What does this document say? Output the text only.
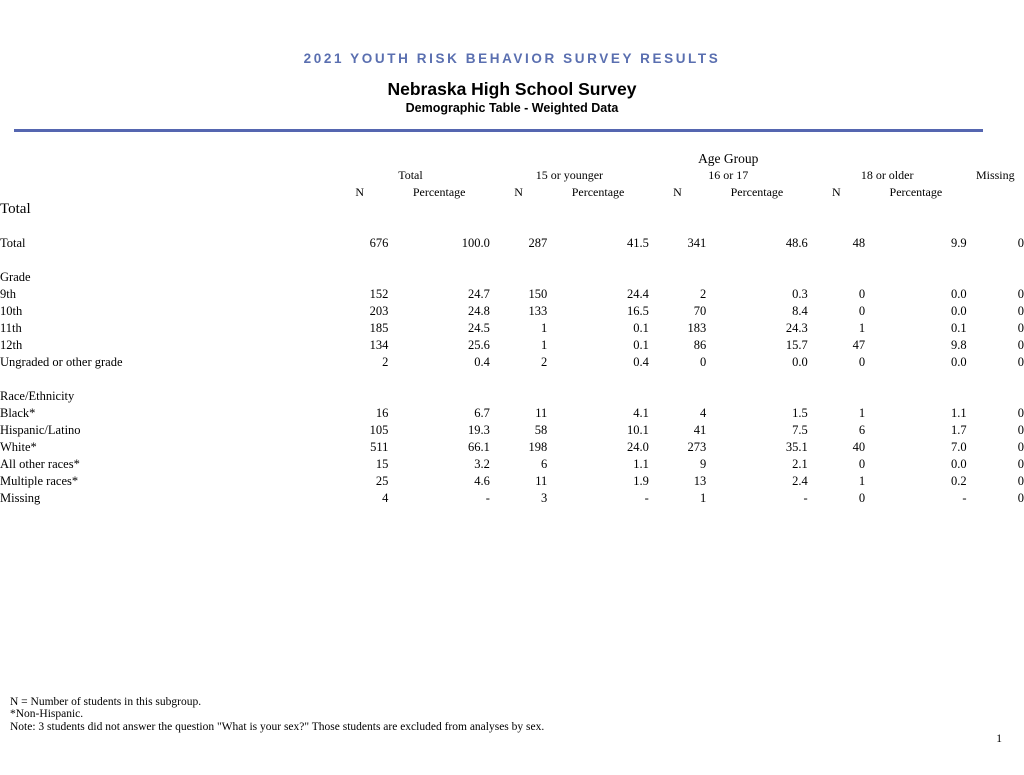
2021 YOUTH RISK BEHAVIOR SURVEY RESULTS
Nebraska High School Survey
Demographic Table - Weighted Data
			Age Group						
	Total		15 or younger		16 or 17		18 or older		Missing
	N	Percentage	N	Percentage	N	Percentage	N	Percentage	
Total									

Total	676	100.0	287	41.5	341	48.6	48	9.9	0

Grade									
9th	152	24.7	150	24.4	2	0.3	0	0.0	0
10th	203	24.8	133	16.5	70	8.4	0	0.0	0
11th	185	24.5	1	0.1	183	24.3	1	0.1	0
12th	134	25.6	1	0.1	86	15.7	47	9.8	0
Ungraded or other grade	2	0.4	2	0.4	0	0.0	0	0.0	0

Race/Ethnicity									
Black*	16	6.7	11	4.1	4	1.5	1	1.1	0
Hispanic/Latino	105	19.3	58	10.1	41	7.5	6	1.7	0
White*	511	66.1	198	24.0	273	35.1	40	7.0	0
All other races*	15	3.2	6	1.1	9	2.1	0	0.0	0
Multiple races*	25	4.6	11	1.9	13	2.4	1	0.2	0
Missing	4	-	3	-	1	-	0	-	0
N = Number of students in this subgroup.
*Non-Hispanic.
Note: 3 students did not answer the question "What is your sex?" Those students are excluded from analyses by sex.
1
